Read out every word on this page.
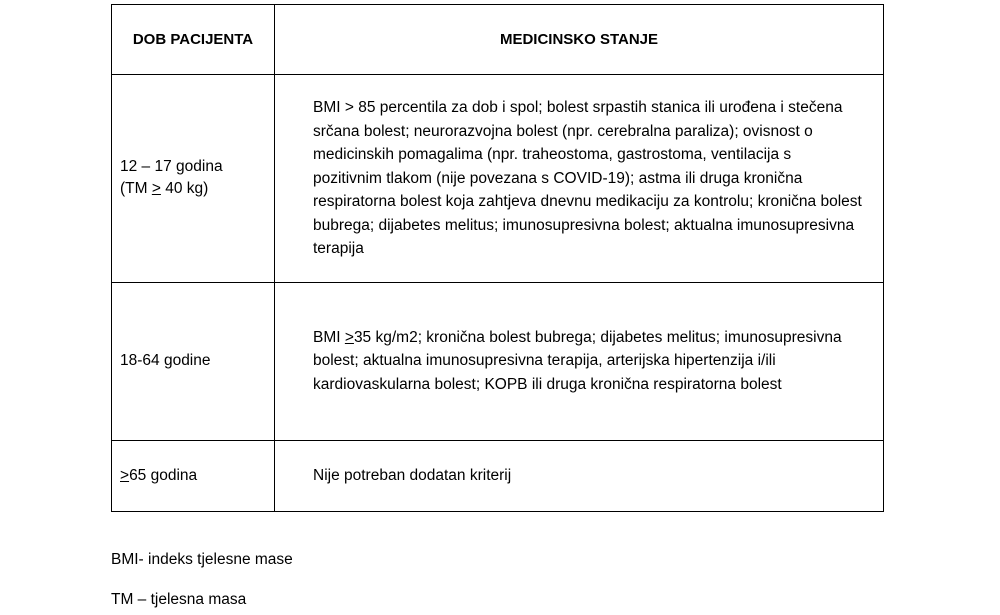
DOB PACIJENTA	MEDICINSKO STANJE
12 – 17 godina
(TM ≥ 40 kg)	BMI > 85 percentila za dob i spol; bolest srpastih stanica ili urođena i stečena srčana bolest; neurorazvojna bolest (npr. cerebralna paraliza); ovisnost o medicinskih pomagalima (npr. traheostoma, gastrostoma, ventilacija s pozitivnim tlakom (nije povezana s COVID-19); astma ili druga kronična respiratorna bolest koja zahtjeva dnevnu medikaciju za kontrolu; kronična bolest bubrega; dijabetes melitus; imunosupresivna bolest; aktualna imunosupresivna terapija
18-64 godine	BMI ≥35 kg/m2; kronična bolest bubrega; dijabetes melitus; imunosupresivna bolest; aktualna imunosupresivna terapija, arterijska hipertenzija i/ili kardiovaskularna bolest; KOPB ili druga kronična respiratorna bolest
≥65 godina	Nije potreban dodatan kriterij
BMI- indeks tjelesne mase
TM – tjelesna masa
